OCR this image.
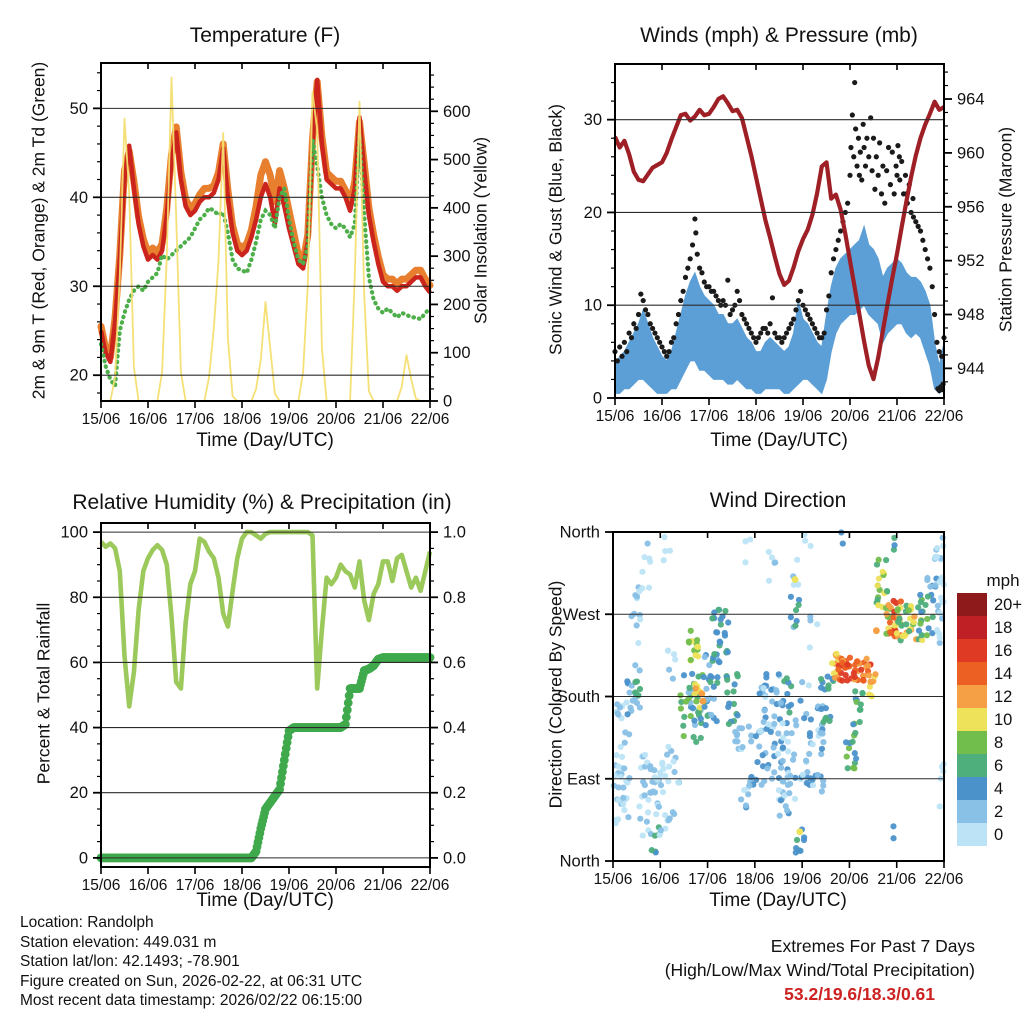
15/06 16/06 17/06 18/06 19/06 20/06 21/06 22/06
20
30
40
50
0
100
200
300
400
500
600
15/06 16/06 17/06 18/06 19/06 20/06 21/06 22/06
0
10
20
30
944
948
952
956
960
964
15/06 16/06 17/06 18/06 19/06 20/06 21/06 22/06
0
20
40
60
80
100
0.0
0.2
0.4
0.6
0.8
1.0
15/06 16/06 17/06 18/06 19/06 20/06 21/06 22/06
North
West
South
East
North
mph
20+
18
16
14
12
10
8
6
4
2
0
Temperature (F)	Winds (mph) & Pressure (mb)
Relative Humidity (%) & Precipitation (in)	Wind Direction
Time (Day/UTC)	Time (Day/UTC)
Time (Day/UTC)	Time (Day/UTC)
2m & 9m T (Red, Orange) & 2m Td (Green)	Solar Insolation (Yellow)	Sonic Wind & Gust (Blue, Black)	Station Pressure (Maroon)
Percent & Total Rainfall	Direction (Colored By Speed)
Location: Randolph
Station elevation: 449.031 m
Station lat/lon: 42.1493; -78.901
Figure created on Sun, 2026-02-22, at 06:31 UTC
Most recent data timestamp: 2026/02/22 06:15:00
Extremes For Past 7 Days
(High/Low/Max Wind/Total Precipitation)
53.2/19.6/18.3/0.61
